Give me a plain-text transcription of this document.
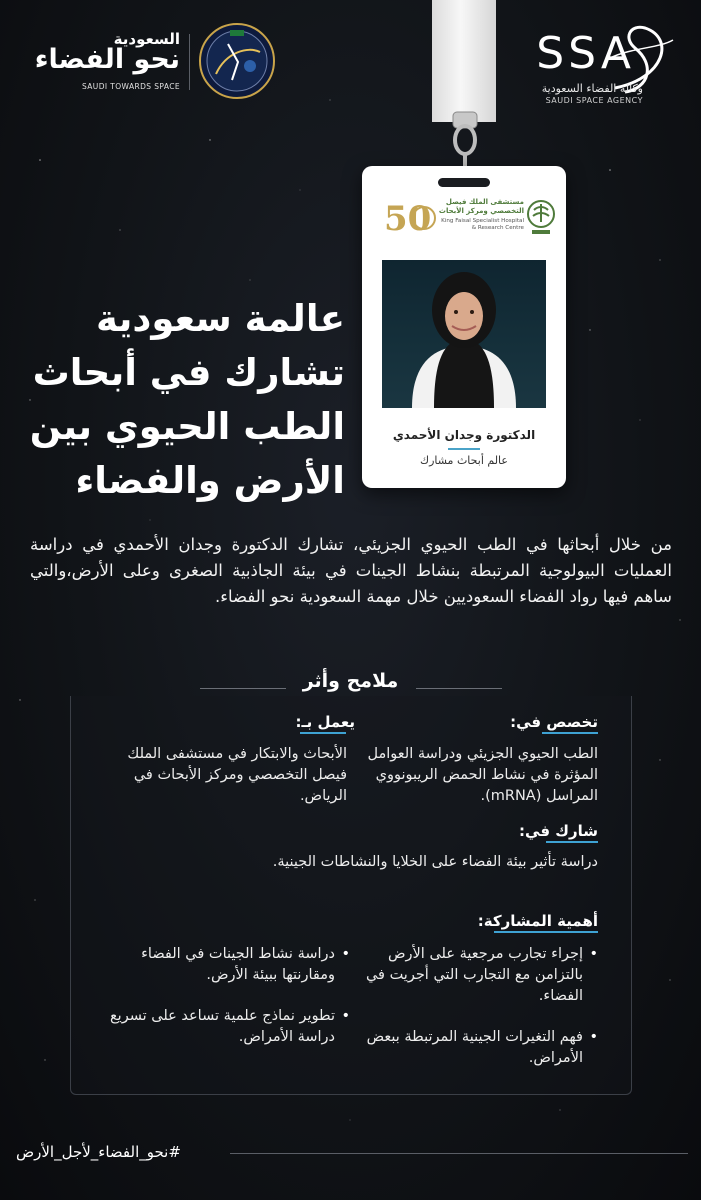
SSA
وكالة الفضاء السعودية
SAUDI SPACE AGENCY
السعودية
نحو الفضاء
SAUDI TOWARDS SPACE
50	مستشفى الملك فيصل التخصصي ومركز الأبحاث
King Faisal Specialist Hospital & Research Centre
الدكتورة وجدان الأحمدي
عالم أبحاث مشارك
عالمة سعودية
تشارك في أبحاث
الطب الحيوي بين
الأرض والفضاء
من خلال أبحاثها في الطب الحيوي الجزيئي، تشارك الدكتورة وجدان الأحمدي في دراسة العمليات البيولوجية المرتبطة بنشاط الجينات في بيئة الجاذبية الصغرى وعلى الأرض،والتي ساهم فيها رواد الفضاء السعوديين خلال مهمة السعودية نحو الفضاء.
ملامح وأثر
تخصص في:
الطب الحيوي الجزيئي ودراسة العوامل المؤثرة في نشاط الحمض الريبونووي المراسل (mRNA).
يعمل بـ:
الأبحاث والابتكار في مستشفى الملك فيصل التخصصي ومركز الأبحاث في الرياض.
شارك في:
دراسة تأثير بيئة الفضاء على الخلايا والنشاطات الجينية.
أهمية المشاركة:
• إجراء تجارب مرجعية على الأرض بالتزامن مع التجارب التي أجريت في الفضاء.
• فهم التغيرات الجينية المرتبطة ببعض الأمراض.
• دراسة نشاط الجينات في الفضاء ومقارنتها ببيئة الأرض.
• تطوير نماذج علمية تساعد على تسريع دراسة الأمراض.
#نحو_الفضاء_لأجل_الأرض
